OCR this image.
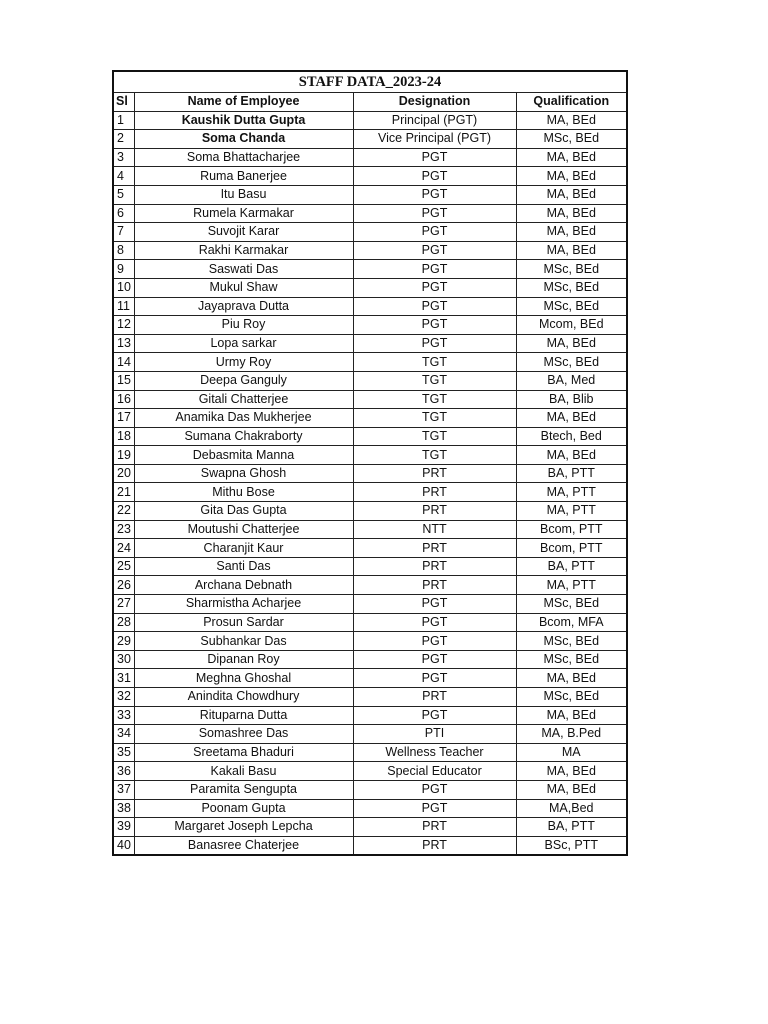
STAFF DATA_2023-24			
Sl	Name of Employee	Designation	Qualification
1	Kaushik Dutta Gupta	Principal (PGT)	MA, BEd
2	Soma Chanda	Vice Principal (PGT)	MSc, BEd
3	Soma Bhattacharjee	PGT	MA, BEd
4	Ruma Banerjee	PGT	MA, BEd
5	Itu Basu	PGT	MA, BEd
6	Rumela Karmakar	PGT	MA, BEd
7	Suvojit Karar	PGT	MA, BEd
8	Rakhi Karmakar	PGT	MA, BEd
9	Saswati Das	PGT	MSc, BEd
10	Mukul Shaw	PGT	MSc, BEd
11	Jayaprava Dutta	PGT	MSc, BEd
12	Piu Roy	PGT	Mcom, BEd
13	Lopa sarkar	PGT	MA, BEd
14	Urmy Roy	TGT	MSc, BEd
15	Deepa Ganguly	TGT	BA, Med
16	Gitali Chatterjee	TGT	BA, Blib
17	Anamika Das Mukherjee	TGT	MA, BEd
18	Sumana Chakraborty	TGT	Btech, Bed
19	Debasmita Manna	TGT	MA, BEd
20	Swapna Ghosh	PRT	BA, PTT
21	Mithu Bose	PRT	MA, PTT
22	Gita Das Gupta	PRT	MA, PTT
23	Moutushi Chatterjee	NTT	Bcom, PTT
24	Charanjit Kaur	PRT	Bcom, PTT
25	Santi Das	PRT	BA, PTT
26	Archana Debnath	PRT	MA, PTT
27	Sharmistha Acharjee	PGT	MSc, BEd
28	Prosun Sardar	PGT	Bcom, MFA
29	Subhankar Das	PGT	MSc, BEd
30	Dipanan Roy	PGT	MSc, BEd
31	Meghna Ghoshal	PGT	MA, BEd
32	Anindita Chowdhury	PRT	MSc, BEd
33	Rituparna Dutta	PGT	MA, BEd
34	Somashree Das	PTI	MA, B.Ped
35	Sreetama Bhaduri	Wellness Teacher	MA
36	Kakali Basu	Special Educator	MA, BEd
37	Paramita Sengupta	PGT	MA, BEd
38	Poonam Gupta	PGT	MA,Bed
39	Margaret Joseph Lepcha	PRT	BA, PTT
40	Banasree Chaterjee	PRT	BSc, PTT
